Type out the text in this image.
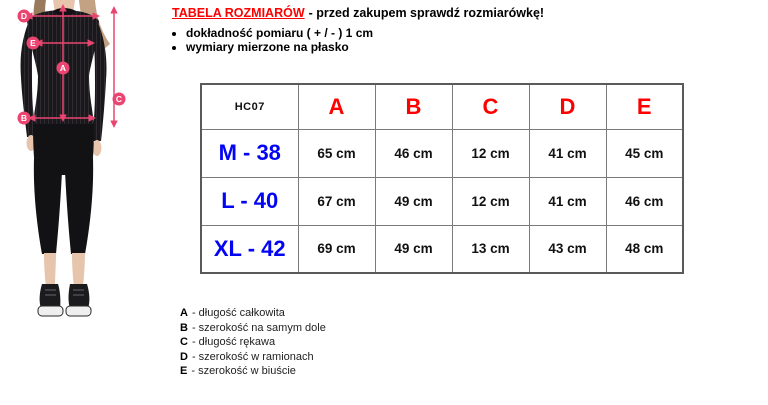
D
E
A
B
C
TABELA ROZMIARÓW - przed zakupem sprawdź rozmiarówkę!
• dokładność pomiaru ( + / - ) 1 cm
• wymiary mierzone na płasko
HC07	A	B	C	D	E
M - 38	65 cm	46 cm	12 cm	41 cm	45 cm
L - 40	67 cm	49 cm	12 cm	41 cm	46 cm
XL - 42	69 cm	49 cm	13 cm	43 cm	48 cm
A - długość całkowita
B - szerokość na samym dole
C - długość rękawa
D - szerokość w ramionach
E - szerokość w biuście
